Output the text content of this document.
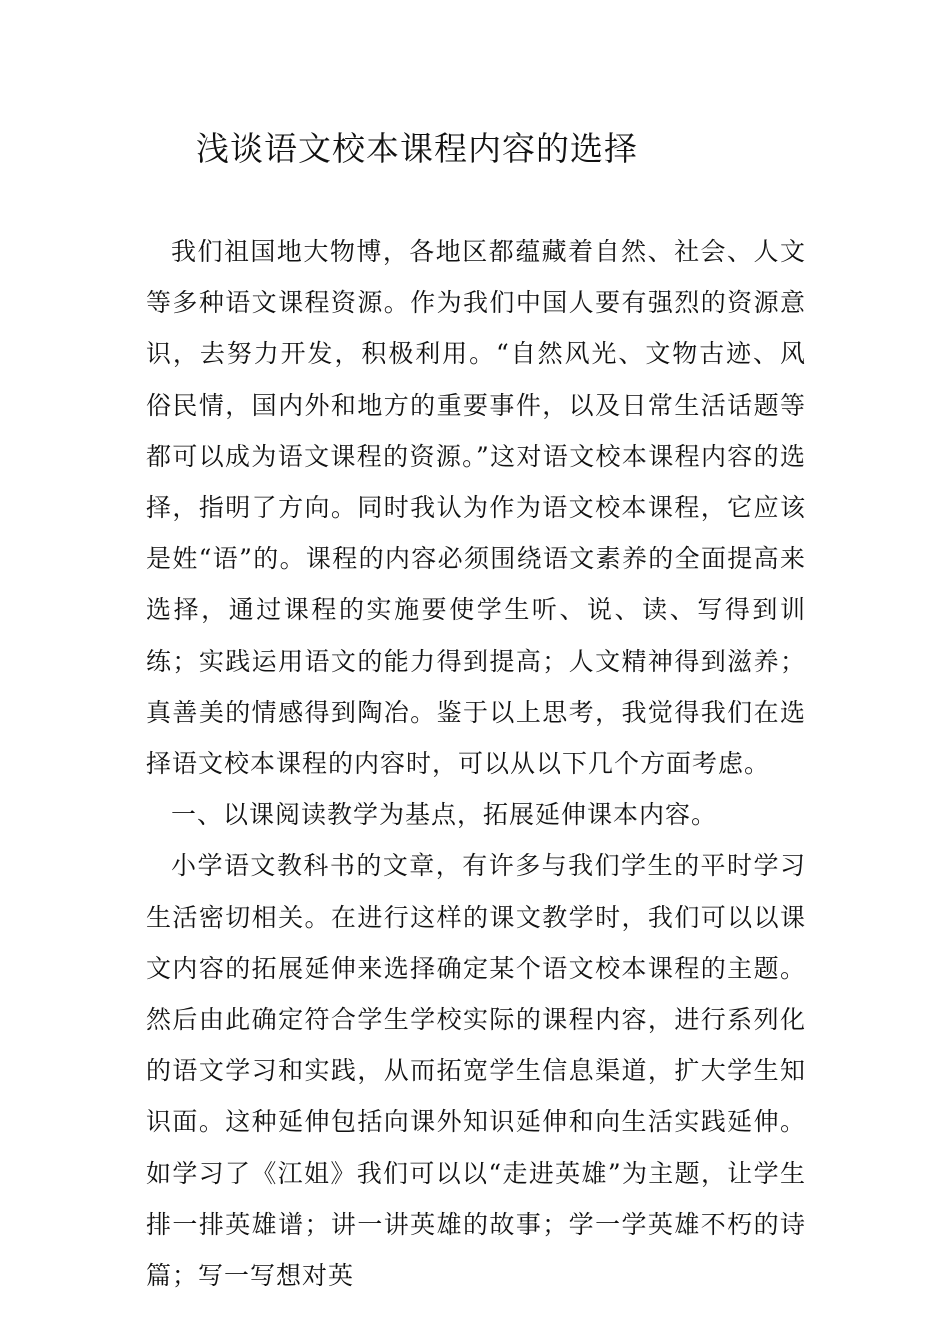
浅谈语文校本课程内容的选择

我们祖国地大物博，各地区都蕴藏着自然、社会、人文等多种语文课程资源。作为我们中国人要有强烈的资源意识，去努力开发，积极利用。“自然风光、文物古迹、风俗民情，国内外和地方的重要事件，以及日常生活话题等都可以成为语文课程的资源。”这对语文校本课程内容的选择，指明了方向。同时我认为作为语文校本课程，它应该是姓“语”的。课程的内容必须围绕语文素养的全面提高来选择，通过课程的实施要使学生听、说、读、写得到训练；实践运用语文的能力得到提高；人文精神得到滋养；真善美的情感得到陶冶。鉴于以上思考，我觉得我们在选择语文校本课程的内容时，可以从以下几个方面考虑。

一、以课阅读教学为基点，拓展延伸课本内容。

小学语文教科书的文章，有许多与我们学生的平时学习生活密切相关。在进行这样的课文教学时，我们可以以课文内容的拓展延伸来选择确定某个语文校本课程的主题。然后由此确定符合学生学校实际的课程内容，进行系列化的语文学习和实践，从而拓宽学生信息渠道，扩大学生知识面。这种延伸包括向课外知识延伸和向生活实践延伸。 如学习了《江姐》我们可以以“走进英雄”为主题，让学生排一排英雄谱；讲一讲英雄的故事；学一学英雄不朽的诗篇；写一写想对英
